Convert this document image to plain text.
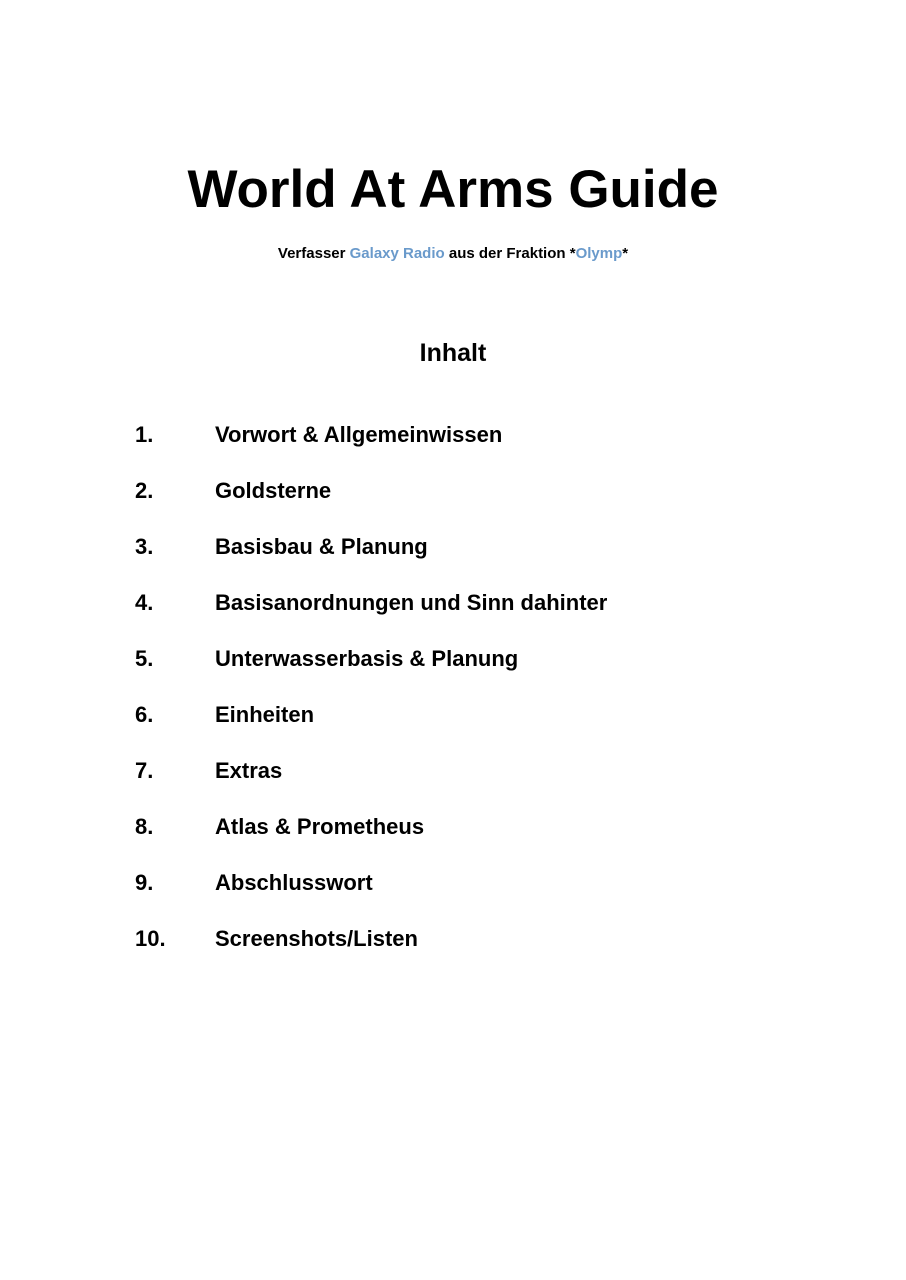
World At Arms Guide
Verfasser Galaxy Radio aus der Fraktion *Olymp*
Inhalt
1.	Vorwort & Allgemeinwissen
2.	Goldsterne
3.	Basisbau & Planung
4.	Basisanordnungen und Sinn dahinter
5.	Unterwasserbasis & Planung
6.	Einheiten
7.	Extras
8.	Atlas & Prometheus
9.	Abschlusswort
10.	Screenshots/Listen
